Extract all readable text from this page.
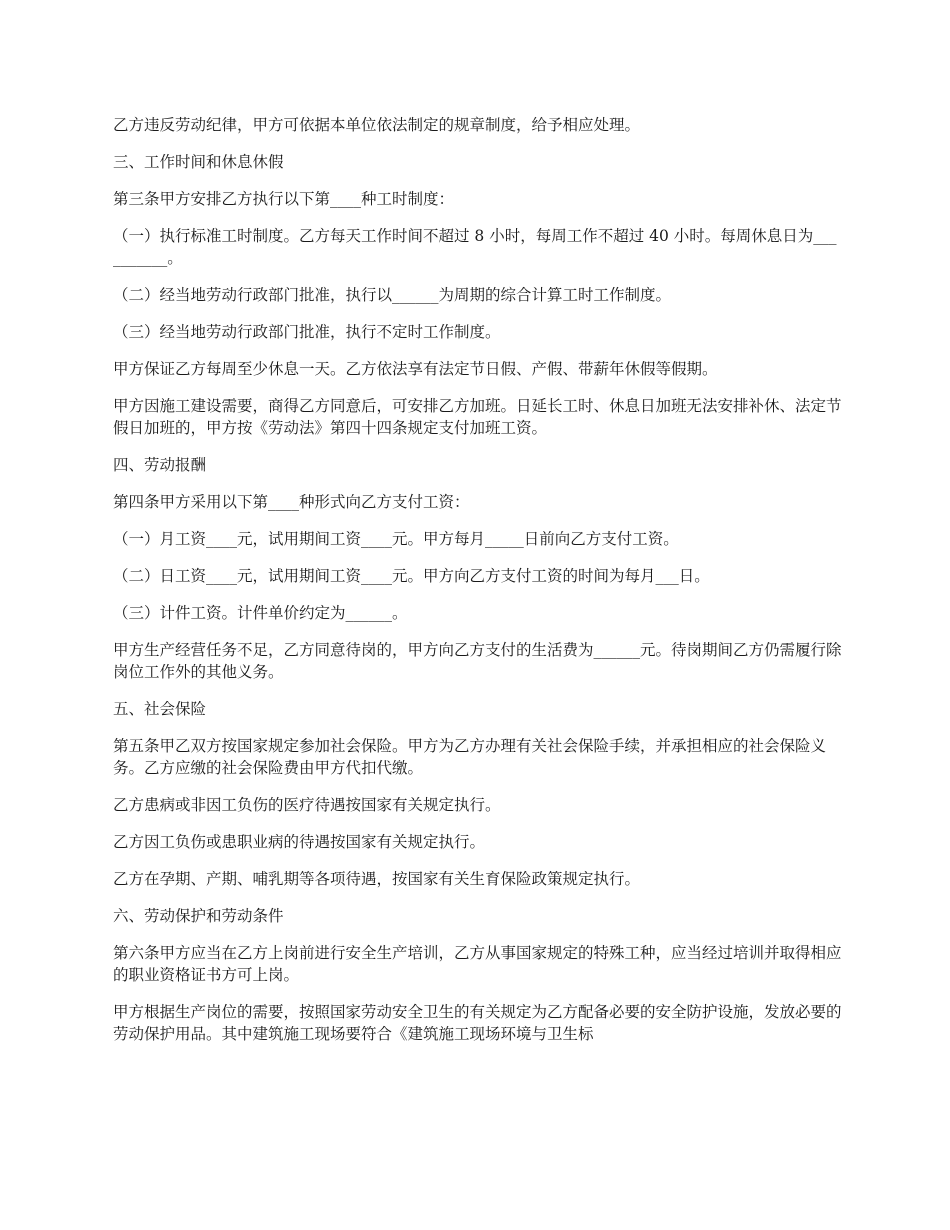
乙方违反劳动纪律，甲方可依据本单位依法制定的规章制度，给予相应处理。

三、工作时间和休息休假

第三条甲方安排乙方执行以下第____种工时制度：

（一）执行标准工时制度。乙方每天工作时间不超过 8 小时，每周工作不超过 40 小时。每周休息日为__________。

（二）经当地劳动行政部门批准，执行以______为周期的综合计算工时工作制度。

（三）经当地劳动行政部门批准，执行不定时工作制度。

甲方保证乙方每周至少休息一天。乙方依法享有法定节日假、产假、带薪年休假等假期。

甲方因施工建设需要，商得乙方同意后，可安排乙方加班。日延长工时、休息日加班无法安排补休、法定节假日加班的，甲方按《劳动法》第四十四条规定支付加班工资。

四、劳动报酬

第四条甲方采用以下第____种形式向乙方支付工资：

（一）月工资____元，试用期间工资____元。甲方每月_____日前向乙方支付工资。

（二）日工资____元，试用期间工资____元。甲方向乙方支付工资的时间为每月___日。

（三）计件工资。计件单价约定为______。

甲方生产经营任务不足，乙方同意待岗的，甲方向乙方支付的生活费为______元。待岗期间乙方仍需履行除岗位工作外的其他义务。

五、社会保险

第五条甲乙双方按国家规定参加社会保险。甲方为乙方办理有关社会保险手续，并承担相应的社会保险义务。乙方应缴的社会保险费由甲方代扣代缴。

乙方患病或非因工负伤的医疗待遇按国家有关规定执行。

乙方因工负伤或患职业病的待遇按国家有关规定执行。

乙方在孕期、产期、哺乳期等各项待遇，按国家有关生育保险政策规定执行。

六、劳动保护和劳动条件

第六条甲方应当在乙方上岗前进行安全生产培训，乙方从事国家规定的特殊工种，应当经过培训并取得相应的职业资格证书方可上岗。

甲方根据生产岗位的需要，按照国家劳动安全卫生的有关规定为乙方配备必要的安全防护设施，发放必要的劳动保护用品。其中建筑施工现场要符合《建筑施工现场环境与卫生标
